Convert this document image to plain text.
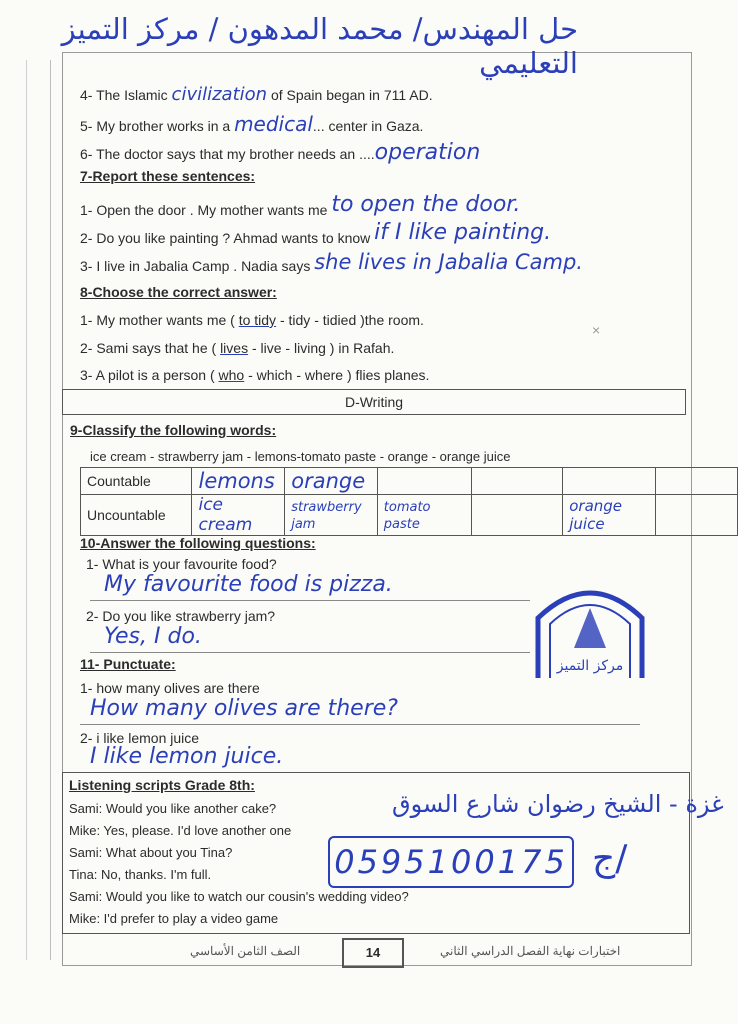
حل المهندس/ محمد المدهون / مركز التميز التعليمي
4- The Islamic civilization of Spain began in 711 AD.
5- My brother works in a medical... center in Gaza.
6- The doctor says that my brother needs an ....operation
7-Report these sentences:
1- Open the door . My mother wants me to open the door.
2- Do you like painting ? Ahmad wants to know if I like painting.
3- I live in Jabalia Camp . Nadia says she lives in Jabalia Camp.
8-Choose the correct answer:
1- My mother wants me ( to tidy - tidy - tidied )the room.
2- Sami says that he ( lives - live - living ) in Rafah.
3- A pilot is a person ( who - which - where ) flies planes.
×
D-Writing
9-Classify the following words:
ice cream - strawberry jam - lemons-tomato paste - orange - orange juice
Countable	lemons	orange				
Uncountable	ice cream	strawberry jam	tomato paste		orange juice	
10-Answer the following questions:
1- What is your favourite food?
My favourite food is pizza.
2- Do you like strawberry jam?
Yes, I do.
مركز التميز
11- Punctuate:
1- how many olives are there
How many olives are there?
2- i like lemon juice
I like lemon juice.
Listening scripts Grade 8th:
Sami: Would you like another cake?
Mike: Yes, please. I'd love another one
Sami: What about you Tina?
Tina: No, thanks. I'm full.
Sami: Would you like to watch our cousin's wedding video?
Mike: I'd prefer to play a video game
غزة - الشيخ رضوان شارع السوق
0595100175 ج/
اختبارات نهاية الفصل الدراسي الثاني
14
الصف الثامن الأساسي
